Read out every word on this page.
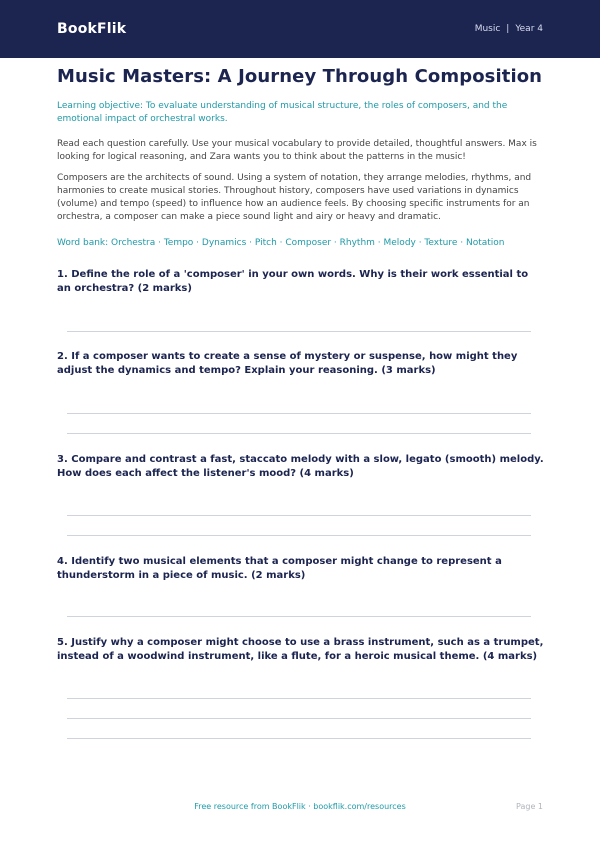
BookFlik	Music | Year 4
Music Masters: A Journey Through Composition
Learning objective: To evaluate understanding of musical structure, the roles of composers, and the emotional impact of orchestral works.
Read each question carefully. Use your musical vocabulary to provide detailed, thoughtful answers. Max is looking for logical reasoning, and Zara wants you to think about the patterns in the music!
Composers are the architects of sound. Using a system of notation, they arrange melodies, rhythms, and harmonies to create musical stories. Throughout history, composers have used variations in dynamics (volume) and tempo (speed) to influence how an audience feels. By choosing specific instruments for an orchestra, a composer can make a piece sound light and airy or heavy and dramatic.
Word bank: Orchestra · Tempo · Dynamics · Pitch · Composer · Rhythm · Melody · Texture · Notation
1. Define the role of a 'composer' in your own words. Why is their work essential to an orchestra? (2 marks)
2. If a composer wants to create a sense of mystery or suspense, how might they adjust the dynamics and tempo? Explain your reasoning. (3 marks)
3. Compare and contrast a fast, staccato melody with a slow, legato (smooth) melody. How does each affect the listener's mood? (4 marks)
4. Identify two musical elements that a composer might change to represent a thunderstorm in a piece of music. (2 marks)
5. Justify why a composer might choose to use a brass instrument, such as a trumpet, instead of a woodwind instrument, like a flute, for a heroic musical theme. (4 marks)
Free resource from BookFlik · bookflik.com/resources	Page 1
